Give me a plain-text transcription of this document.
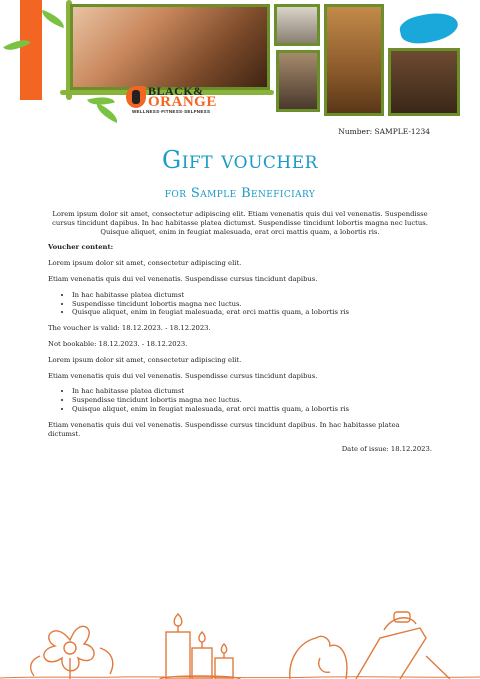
BLACK&
ORANGE
WELLNESS·FITNESS·SELFNESS
Number: SAMPLE-1234
Gift voucher
for Sample Beneficiary

Lorem ipsum dolor sit amet, consectetur adipiscing elit. Etiam venenatis quis dui vel venenatis. Suspendisse cursus tincidunt dapibus. In hac habitasse platea dictumst. Suspendisse tincidunt lobortis magna nec luctus. Quisque aliquet, enim in feugiat malesuada, erat orci mattis quam, a lobortis ris.

Voucher content:

Lorem ipsum dolor sit amet, consectetur adipiscing elit.

Etiam venenatis quis dui vel venenatis. Suspendisse cursus tincidunt dapibus.

• In hac habitasse platea dictumst
• Suspendisse tincidunt lobortis magna nec luctus.
• Quisque aliquet, enim in feugiat malesuada, erat orci mattis quam, a lobortis ris

The voucher is valid: 18.12.2023. - 18.12.2023.

Not bookable: 18.12.2023. - 18.12.2023.

Lorem ipsum dolor sit amet, consectetur adipiscing elit.

Etiam venenatis quis dui vel venenatis. Suspendisse cursus tincidunt dapibus.

• In hac habitasse platea dictumst
• Suspendisse tincidunt lobortis magna nec luctus.
• Quisque aliquet, enim in feugiat malesuada, erat orci mattis quam, a lobortis ris

Etiam venenatis quis dui vel venenatis. Suspendisse cursus tincidunt dapibus. In hac habitasse platea dictumst.

Date of issue: 18.12.2023.
